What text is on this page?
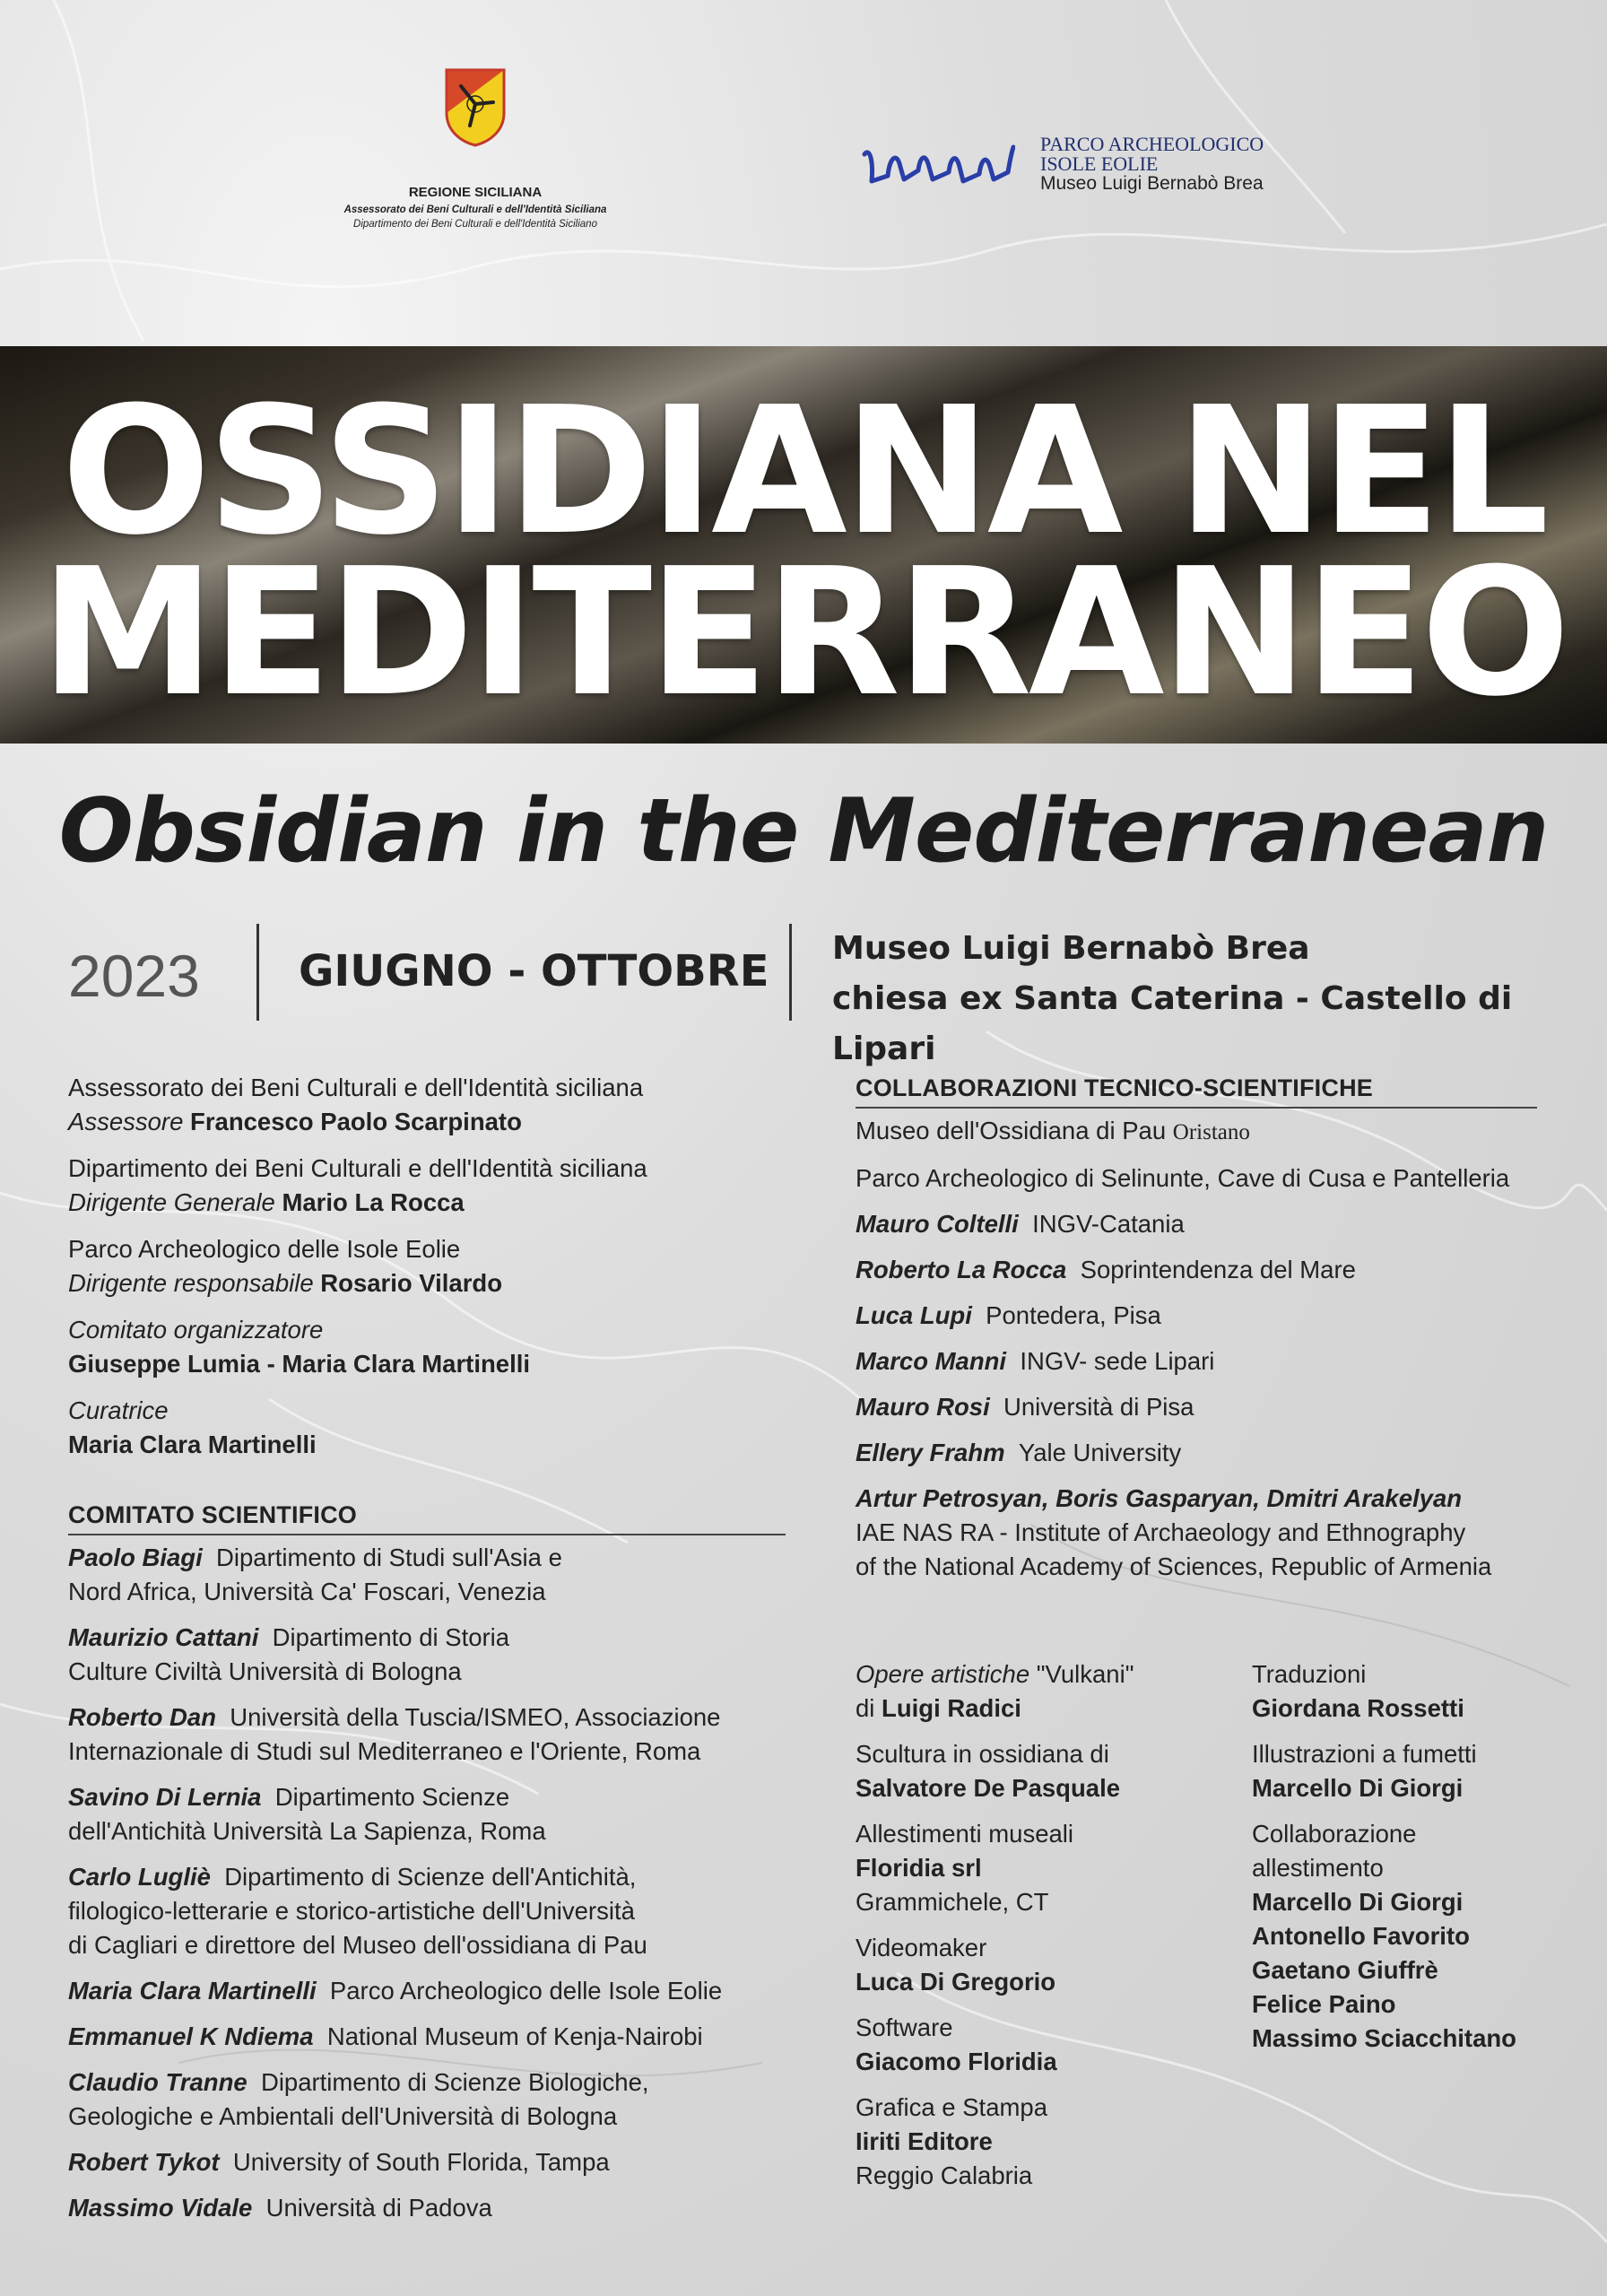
REGIONE SICILIANA
Assessorato dei Beni Culturali e dell'Identità Siciliana
Dipartimento dei Beni Culturali e dell'Identità Siciliano
PARCO ARCHEOLOGICO
ISOLE EOLIE
Museo Luigi Bernabò Brea
OSSIDIANA NEL
MEDITERRANEO
Obsidian in the Mediterranean
2023 GIUGNO - OTTOBRE Museo Luigi Bernabò Brea
chiesa ex Santa Caterina - Castello di Lipari
Assessorato dei Beni Culturali e dell'Identità siciliana
Assessore Francesco Paolo Scarpinato
Dipartimento dei Beni Culturali e dell'Identità siciliana
Dirigente Generale Mario La Rocca
Parco Archeologico delle Isole Eolie
Dirigente responsabile Rosario Vilardo
Comitato organizzatore
Giuseppe Lumia - Maria Clara Martinelli
Curatrice
Maria Clara Martinelli
COMITATO SCIENTIFICO
Paolo Biagi Dipartimento di Studi sull'Asia e
Nord Africa, Università Ca' Foscari, Venezia
Maurizio Cattani Dipartimento di Storia
Culture Civiltà Università di Bologna
Roberto Dan Università della Tuscia/ISMEO, Associazione
Internazionale di Studi sul Mediterraneo e l'Oriente, Roma
Savino Di Lernia Dipartimento Scienze
dell'Antichità Università La Sapienza, Roma
Carlo Lugliè Dipartimento di Scienze dell'Antichità,
filologico-letterarie e storico-artistiche dell'Università
di Cagliari e direttore del Museo dell'ossidiana di Pau
Maria Clara Martinelli Parco Archeologico delle Isole Eolie
Emmanuel K Ndiema National Museum of Kenja-Nairobi
Claudio Tranne Dipartimento di Scienze Biologiche,
Geologiche e Ambientali dell'Università di Bologna
Robert Tykot University of South Florida, Tampa
Massimo Vidale Università di Padova
COLLABORAZIONI TECNICO-SCIENTIFICHE
Museo dell'Ossidiana di Pau Oristano
Parco Archeologico di Selinunte, Cave di Cusa e Pantelleria
Mauro Coltelli INGV-Catania
Roberto La Rocca Soprintendenza del Mare
Luca Lupi Pontedera, Pisa
Marco Manni INGV- sede Lipari
Mauro Rosi Università di Pisa
Ellery Frahm Yale University
Artur Petrosyan, Boris Gasparyan, Dmitri Arakelyan
IAE NAS RA - Institute of Archaeology and Ethnography
of the National Academy of Sciences, Republic of Armenia
Opere artistiche "Vulkani"
di Luigi Radici
Scultura in ossidiana di
Salvatore De Pasquale
Allestimenti museali
Floridia srl
Grammichele, CT
Videomaker
Luca Di Gregorio
Software
Giacomo Floridia
Grafica e Stampa
Iiriti Editore
Reggio Calabria
Traduzioni
Giordana Rossetti
Illustrazioni a fumetti
Marcello Di Giorgi
Collaborazione
allestimento
Marcello Di Giorgi
Antonello Favorito
Gaetano Giuffrè
Felice Paino
Massimo Sciacchitano
